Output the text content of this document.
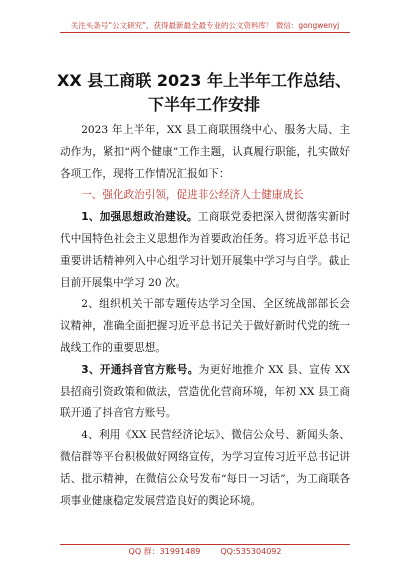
关注头条号“公文研究”，获得最新最全最专业的公文资料库！ 微信：gongwenyj
XX 县工商联 2023 年上半年工作总结、
下半年工作安排

2023 年上半年，XX 县工商联围绕中心、服务大局、主动作为，紧扣“两个健康”工作主题，认真履行职能，扎实做好各项工作，现将工作情况汇报如下：

一、强化政治引领，促进非公经济人士健康成长

1、加强思想政治建设。工商联党委把深入贯彻落实新时代中国特色社会主义思想作为首要政治任务。将习近平总书记重要讲话精神列入中心组学习计划开展集中学习与自学。截止目前开展集中学习 20 次。

2、组织机关干部专题传达学习全国、全区统战部部长会议精神，准确全面把握习近平总书记关于做好新时代党的统一战线工作的重要思想。

3、开通抖音官方账号。为更好地推介 XX 县、宣传 XX 县招商引资政策和做法，营造优化营商环境，年初 XX 县工商联开通了抖音官方账号。

4、利用《XX 民营经济论坛》、微信公众号、新闻头条、微信群等平台积极做好网络宣传，为学习宣传习近平总书记讲话、批示精神，在微信公众号发布“每日一习话”，为工商联各项事业健康稳定发展营造良好的舆论环境。

QQ 群：31991489	QQ:535304092
